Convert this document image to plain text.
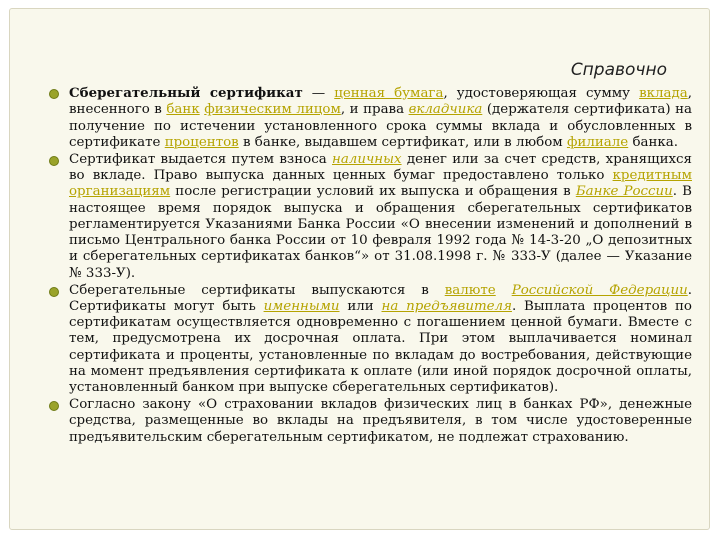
Справочно
Сберегательный сертификат — ценная бумага, удостоверяющая сумму вклада, внесенного в банк физическим лицом, и права вкладчика (держателя сертификата) на получение по истечении установленного срока суммы вклада и обусловленных в сертификате процентов в банке, выдавшем сертификат, или в любом филиале банка.
Сертификат выдается путем взноса наличных денег или за счет средств, хранящихся во вкладе. Право выпуска данных ценных бумаг предоставлено только кредитным организациям после регистрации условий их выпуска и обращения в Банке России. В настоящее время порядок выпуска и обращения сберегательных сертификатов регламентируется Указаниями Банка России «О внесении изменений и дополнений в письмо Центрального банка России от 10 февраля 1992 года № 14-3-20 „О депозитных и сберегательных сертификатах банков“» от 31.08.1998 г. № 333-У (далее — Указание № 333-У).
Сберегательные сертификаты выпускаются в валюте Российской Федерации. Сертификаты могут быть именными или на предъявителя. Выплата процентов по сертификатам осуществляется одновременно с погашением ценной бумаги. Вместе с тем, предусмотрена их досрочная оплата. При этом выплачивается номинал сертификата и проценты, установленные по вкладам до востребования, действующие на момент предъявления сертификата к оплате (или иной порядок досрочной оплаты, установленный банком при выпуске сберегательных сертификатов).
Согласно закону «О страховании вкладов физических лиц в банках РФ», денежные средства, размещенные во вклады на предъявителя, в том числе удостоверенные предъявительским сберегательным сертификатом, не подлежат страхованию.
